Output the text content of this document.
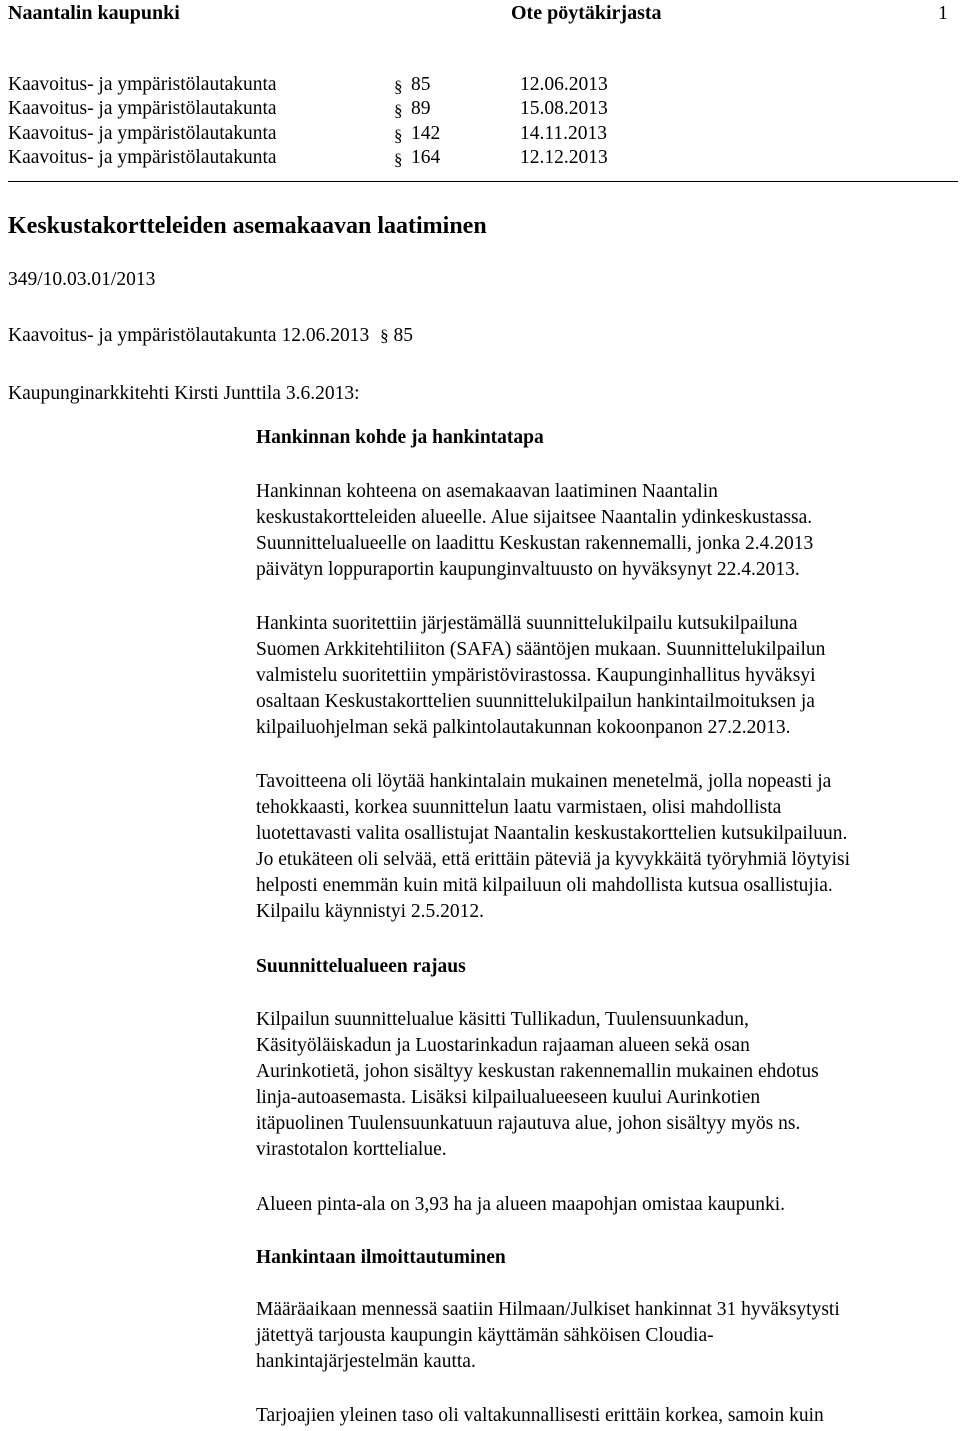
Naantalin kaupunki	Ote pöytäkirjasta	1
Kaavoitus- ja ympäristölautakunta	§ 85	12.06.2013
Kaavoitus- ja ympäristölautakunta	§ 89	15.08.2013
Kaavoitus- ja ympäristölautakunta	§ 142	14.11.2013
Kaavoitus- ja ympäristölautakunta	§ 164	12.12.2013
Keskustakortteleiden asemakaavan laatiminen
349/10.03.01/2013
Kaavoitus- ja ympäristölautakunta 12.06.2013 § 85
Kaupunginarkkitehti Kirsti Junttila 3.6.2013:
Hankinnan kohde ja hankintatapa

Hankinnan kohteena on asemakaavan laatiminen Naantalin

keskustakortteleiden alueelle. Alue sijaitsee Naantalin ydinkeskustassa.

Suunnittelualueelle on laadittu Keskustan rakennemalli, jonka 2.4.2013

päivätyn loppuraportin kaupunginvaltuusto on hyväksynyt 22.4.2013.

Hankinta suoritettiin järjestämällä suunnittelukilpailu kutsukilpailuna

Suomen Arkkitehtiliiton (SAFA) sääntöjen mukaan. Suunnittelukilpailun

valmistelu suoritettiin ympäristövirastossa. Kaupunginhallitus hyväksyi

osaltaan Keskustakorttelien suunnittelukilpailun hankintailmoituksen ja

kilpailuohjelman sekä palkintolautakunnan kokoonpanon 27.2.2013.

Tavoitteena oli löytää hankintalain mukainen menetelmä, jolla nopeasti ja

tehokkaasti, korkea suunnittelun laatu varmistaen, olisi mahdollista

luotettavasti valita osallistujat Naantalin keskustakorttelien kutsukilpailuun.

Jo etukäteen oli selvää, että erittäin päteviä ja kyvykkäitä työryhmiä löytyisi

helposti enemmän kuin mitä kilpailuun oli mahdollista kutsua osallistujia.

Kilpailu käynnistyi 2.5.2012.

Suunnittelualueen rajaus

Kilpailun suunnittelualue käsitti Tullikadun, Tuulensuunkadun,

Käsityöläiskadun ja Luostarinkadun rajaaman alueen sekä osan

Aurinkotietä, johon sisältyy keskustan rakennemallin mukainen ehdotus

linja-autoasemasta. Lisäksi kilpailualueeseen kuului Aurinkotien

itäpuolinen Tuulensuunkatuun rajautuva alue, johon sisältyy myös ns.

virastotalon korttelialue.

Alueen pinta-ala on 3,93 ha ja alueen maapohjan omistaa kaupunki.

Hankintaan ilmoittautuminen

Määräaikaan mennessä saatiin Hilmaan/Julkiset hankinnat 31 hyväksytysti

jätettyä tarjousta kaupungin käyttämän sähköisen Cloudia-

hankintajärjestelmän kautta.

Tarjoajien yleinen taso oli valtakunnallisesti erittäin korkea, samoin kuin
